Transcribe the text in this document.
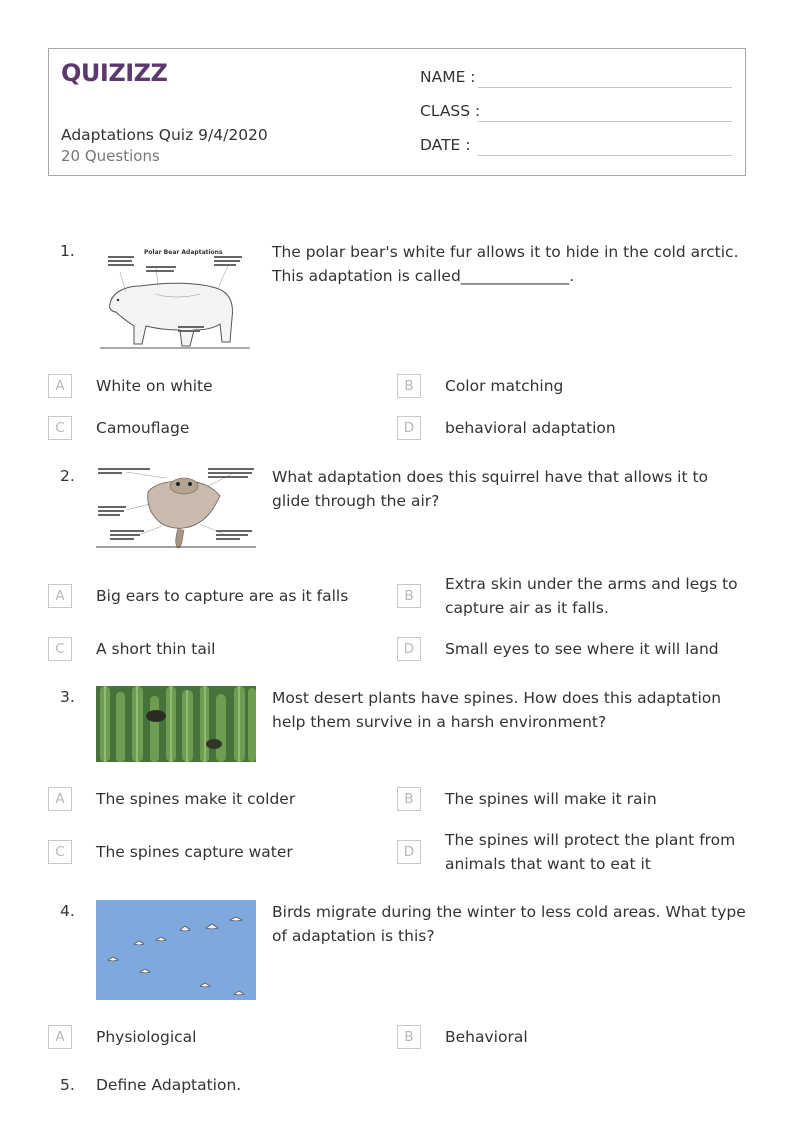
QUIZIZZ
Adaptations Quiz 9/4/2020
20 Questions
NAME :
CLASS :
DATE :
1.	Polar Bear Adaptations	The polar bear's white fur allows it to hide in the cold arctic. This adaptation is called______________.
A	White on white	B	Color matching
C	Camouflage	D	behavioral adaptation
2.	What adaptation does this squirrel have that allows it to glide through the air?
A	Big ears to capture are as it falls	B
Extra skin under the arms and legs to capture air as it falls.
C	A short thin tail	D	Small eyes to see where it will land
3.	Most desert plants have spines. How does this adaptation help them survive in a harsh environment?
A	The spines make it colder	B	The spines will make it rain
C	The spines capture water	D
The spines will protect the plant from animals that want to eat it
4.	Birds migrate during the winter to less cold areas. What type of adaptation is this?
A	Physiological	B	Behavioral
5. Define Adaptation.
